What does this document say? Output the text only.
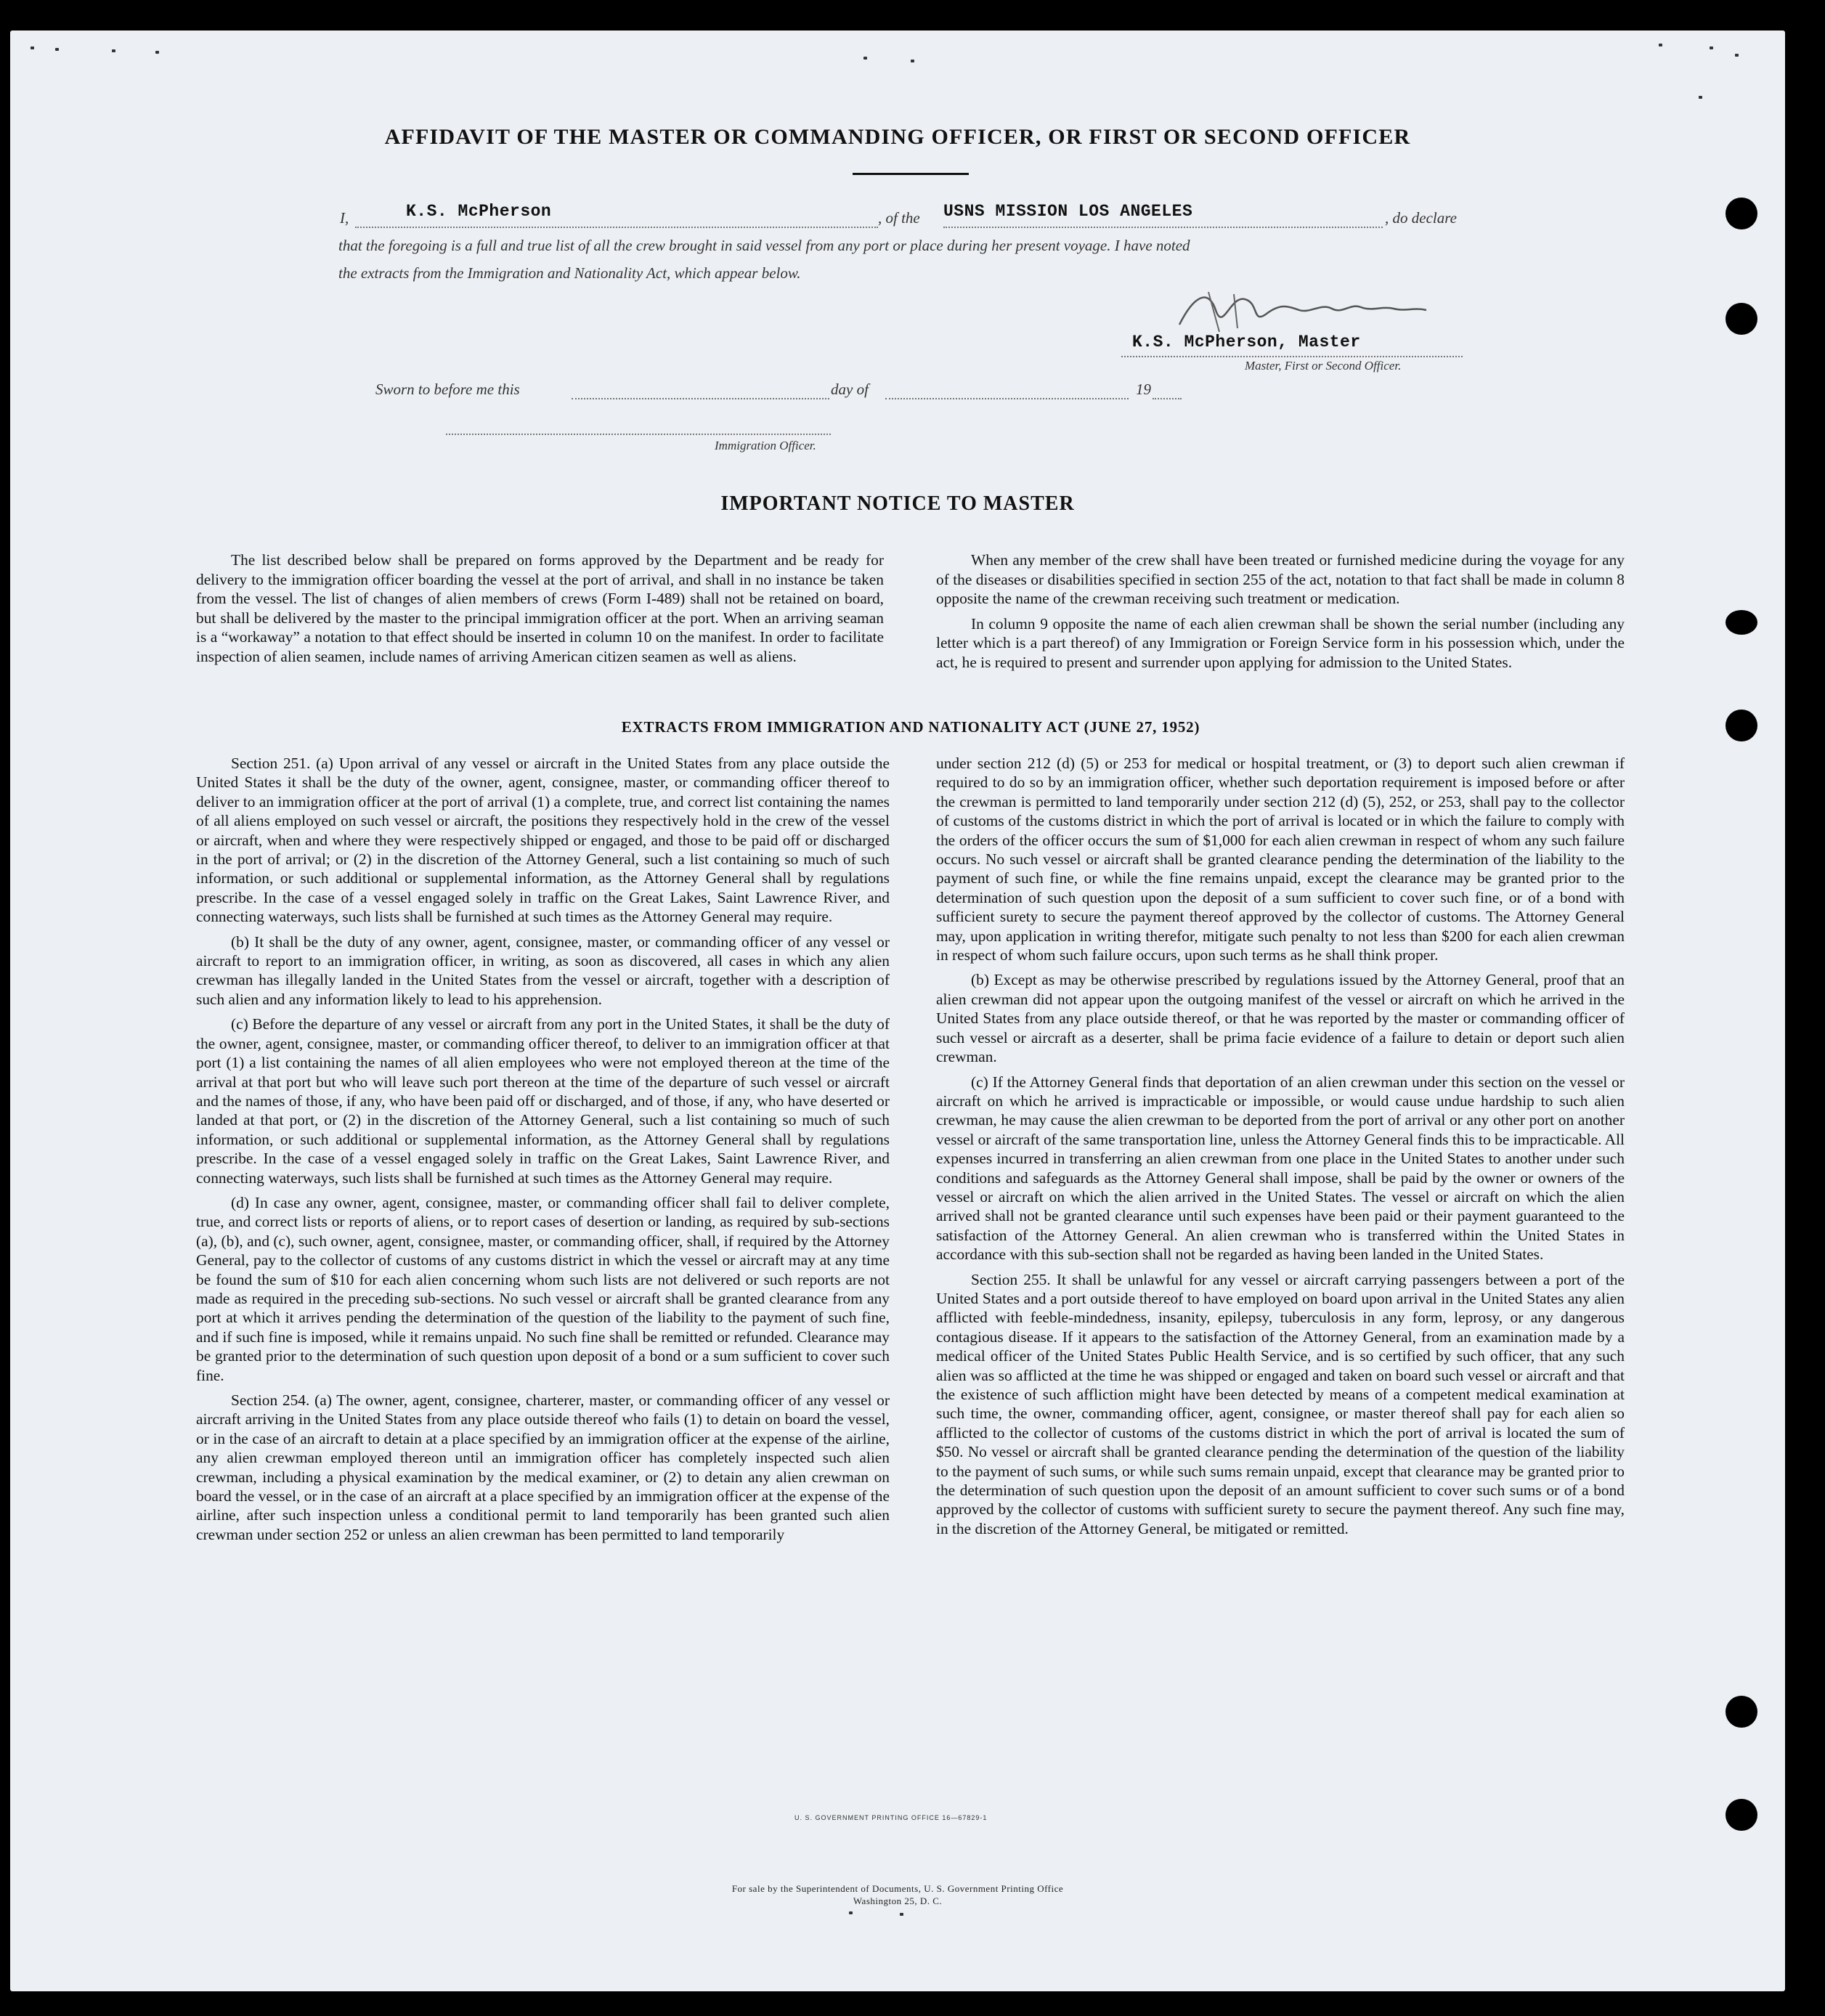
AFFIDAVIT OF THE MASTER OR COMMANDING OFFICER, OR FIRST OR SECOND OFFICER
I,	K.S. McPherson	, of the USNS MISSION LOS ANGELES	, do declare
that the foregoing is a full and true list of all the crew brought in said vessel from any port or place during her present voyage. I have noted
the extracts from the Immigration and Nationality Act, which appear below.
K.S. McPherson, Master
Master, First or Second Officer.
Sworn to before me this	day of	19
Immigration Officer.
IMPORTANT NOTICE TO MASTER

The list described below shall be prepared on forms approved by the Department and be ready for delivery to the immigration officer boarding the vessel at the port of arrival, and shall in no instance be taken from the vessel. The list of changes of alien members of crews (Form I-489) shall not be retained on board, but shall be delivered by the master to the principal immigration officer at the port. When an arriving seaman is a “workaway” a notation to that effect should be inserted in column 10 on the manifest. In order to facilitate inspection of alien seamen, include names of arriving American citizen seamen as well as aliens.

When any member of the crew shall have been treated or furnished medicine during the voyage for any of the diseases or disabilities specified in section 255 of the act, notation to that fact shall be made in column 8 opposite the name of the crewman receiving such treatment or medication.

In column 9 opposite the name of each alien crewman shall be shown the serial number (including any letter which is a part thereof) of any Immigration or Foreign Service form in his possession which, under the act, he is required to present and surrender upon applying for admission to the United States.

EXTRACTS FROM IMMIGRATION AND NATIONALITY ACT (JUNE 27, 1952)

Section 251. (a) Upon arrival of any vessel or aircraft in the United States from any place outside the United States it shall be the duty of the owner, agent, consignee, master, or commanding officer thereof to deliver to an immigration officer at the port of arrival (1) a complete, true, and correct list containing the names of all aliens employed on such vessel or aircraft, the positions they respectively hold in the crew of the vessel or aircraft, when and where they were respectively shipped or engaged, and those to be paid off or discharged in the port of arrival; or (2) in the discretion of the Attorney General, such a list containing so much of such information, or such additional or supplemental information, as the Attorney General shall by regulations prescribe. In the case of a vessel engaged solely in traffic on the Great Lakes, Saint Lawrence River, and connecting waterways, such lists shall be furnished at such times as the Attorney General may require.

(b) It shall be the duty of any owner, agent, consignee, master, or commanding officer of any vessel or aircraft to report to an immigration officer, in writing, as soon as discovered, all cases in which any alien crewman has illegally landed in the United States from the vessel or aircraft, together with a description of such alien and any information likely to lead to his apprehension.

(c) Before the departure of any vessel or aircraft from any port in the United States, it shall be the duty of the owner, agent, consignee, master, or commanding officer thereof, to deliver to an immigration officer at that port (1) a list containing the names of all alien employees who were not employed thereon at the time of the arrival at that port but who will leave such port thereon at the time of the departure of such vessel or aircraft and the names of those, if any, who have been paid off or discharged, and of those, if any, who have deserted or landed at that port, or (2) in the discretion of the Attorney General, such a list containing so much of such information, or such additional or supplemental information, as the Attorney General shall by regulations prescribe. In the case of a vessel engaged solely in traffic on the Great Lakes, Saint Lawrence River, and connecting waterways, such lists shall be furnished at such times as the Attorney General may require.

(d) In case any owner, agent, consignee, master, or commanding officer shall fail to deliver complete, true, and correct lists or reports of aliens, or to report cases of desertion or landing, as required by sub-sections (a), (b), and (c), such owner, agent, consignee, master, or commanding officer, shall, if required by the Attorney General, pay to the collector of customs of any customs district in which the vessel or aircraft may at any time be found the sum of $10 for each alien concerning whom such lists are not delivered or such reports are not made as required in the preceding sub-sections. No such vessel or aircraft shall be granted clearance from any port at which it arrives pending the determination of the question of the liability to the payment of such fine, and if such fine is imposed, while it remains unpaid. No such fine shall be remitted or refunded. Clearance may be granted prior to the determination of such question upon deposit of a bond or a sum sufficient to cover such fine.

Section 254. (a) The owner, agent, consignee, charterer, master, or commanding officer of any vessel or aircraft arriving in the United States from any place outside thereof who fails (1) to detain on board the vessel, or in the case of an aircraft to detain at a place specified by an immigration officer at the expense of the airline, any alien crewman employed thereon until an immigration officer has completely inspected such alien crewman, including a physical examination by the medical examiner, or (2) to detain any alien crewman on board the vessel, or in the case of an aircraft at a place specified by an immigration officer at the expense of the airline, after such inspection unless a conditional permit to land temporarily has been granted such alien crewman under section 252 or unless an alien crewman has been permitted to land temporarily

under section 212 (d) (5) or 253 for medical or hospital treatment, or (3) to deport such alien crewman if required to do so by an immigration officer, whether such deportation requirement is imposed before or after the crewman is permitted to land temporarily under section 212 (d) (5), 252, or 253, shall pay to the collector of customs of the customs district in which the port of arrival is located or in which the failure to comply with the orders of the officer occurs the sum of $1,000 for each alien crewman in respect of whom any such failure occurs. No such vessel or aircraft shall be granted clearance pending the determination of the liability to the payment of such fine, or while the fine remains unpaid, except the clearance may be granted prior to the determination of such question upon the deposit of a sum sufficient to cover such fine, or of a bond with sufficient surety to secure the payment thereof approved by the collector of customs. The Attorney General may, upon application in writing therefor, mitigate such penalty to not less than $200 for each alien crewman in respect of whom such failure occurs, upon such terms as he shall think proper.

(b) Except as may be otherwise prescribed by regulations issued by the Attorney General, proof that an alien crewman did not appear upon the outgoing manifest of the vessel or aircraft on which he arrived in the United States from any place outside thereof, or that he was reported by the master or commanding officer of such vessel or aircraft as a deserter, shall be prima facie evidence of a failure to detain or deport such alien crewman.

(c) If the Attorney General finds that deportation of an alien crewman under this section on the vessel or aircraft on which he arrived is impracticable or impossible, or would cause undue hardship to such alien crewman, he may cause the alien crewman to be deported from the port of arrival or any other port on another vessel or aircraft of the same transportation line, unless the Attorney General finds this to be impracticable. All expenses incurred in transferring an alien crewman from one place in the United States to another under such conditions and safeguards as the Attorney General shall impose, shall be paid by the owner or owners of the vessel or aircraft on which the alien arrived in the United States. The vessel or aircraft on which the alien arrived shall not be granted clearance until such expenses have been paid or their payment guaranteed to the satisfaction of the Attorney General. An alien crewman who is transferred within the United States in accordance with this sub-section shall not be regarded as having been landed in the United States.

Section 255. It shall be unlawful for any vessel or aircraft carrying passengers between a port of the United States and a port outside thereof to have employed on board upon arrival in the United States any alien afflicted with feeble-mindedness, insanity, epilepsy, tuberculosis in any form, leprosy, or any dangerous contagious disease. If it appears to the satisfaction of the Attorney General, from an examination made by a medical officer of the United States Public Health Service, and is so certified by such officer, that any such alien was so afflicted at the time he was shipped or engaged and taken on board such vessel or aircraft and that the existence of such affliction might have been detected by means of a competent medical examination at such time, the owner, commanding officer, agent, consignee, or master thereof shall pay for each alien so afflicted to the collector of customs of the customs district in which the port of arrival is located the sum of $50. No vessel or aircraft shall be granted clearance pending the determination of the question of the liability to the payment of such sums, or while such sums remain unpaid, except that clearance may be granted prior to the determination of such question upon the deposit of an amount sufficient to cover such sums or of a bond approved by the collector of customs with sufficient surety to secure the payment thereof. Any such fine may, in the discretion of the Attorney General, be mitigated or remitted.

U. S. GOVERNMENT PRINTING OFFICE 16—67829-1
For sale by the Superintendent of Documents, U. S. Government Printing Office
Washington 25, D. C.
